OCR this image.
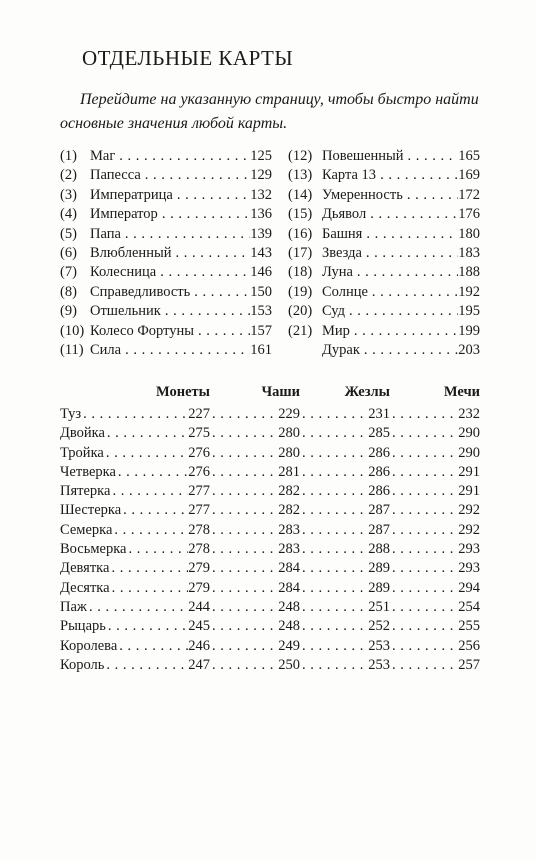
ОТДЕЛЬНЫЕ КАРТЫ
Перейдите на указанную страницу, чтобы быстро найти основные значения любой карты.
(1) Маг . . .	125
(2) Папесса . . .	129
(3) Императрица . . .	132
(4) Император . . .	136
(5) Папа . . .	139
(6) Влюбленный . . .	143
(7) Колесница . . .	146
(8) Справедливость . . .	150
(9) Отшельник . . .	153
(10) Колесо Фортуны . . .	157
(11) Сила . . .	161
(12) Повешенный . . .	165
(13) Карта 13 . . .	169
(14) Умеренность . . .	172
(15) Дьявол . . .	176
(16) Башня . . .	180
(17) Звезда . . .	183
(18) Луна . . .	188
(19) Солнце . . .	192
(20) Суд . . .	195
(21) Мир . . .	199
Дурак . . .	203
Монеты	Чаши	Жезлы	Мечи
Туз . . .	227 . . .	229 . . .	231 . . .	232
Двойка . . .	275 . . .	280 . . .	285 . . .	290
Тройка . . .	276 . . .	280 . . .	286 . . .	290
Четверка . . .	276 . . .	281 . . .	286 . . .	291
Пятерка . . .	277 . . .	282 . . .	286 . . .	291
Шестерка . . .	277 . . .	282 . . .	287 . . .	292
Семерка . . .	278 . . .	283 . . .	287 . . .	292
Восьмерка . . .	278 . . .	283 . . .	288 . . .	293
Девятка . . .	279 . . .	284 . . .	289 . . .	293
Десятка . . .	279 . . .	284 . . .	289 . . .	294
Паж . . .	244 . . .	248 . . .	251 . . .	254
Рыцарь . . .	245 . . .	248 . . .	252 . . .	255
Королева . . .	246 . . .	249 . . .	253 . . .	256
Король . . .	247 . . .	250 . . .	253 . . .	257
